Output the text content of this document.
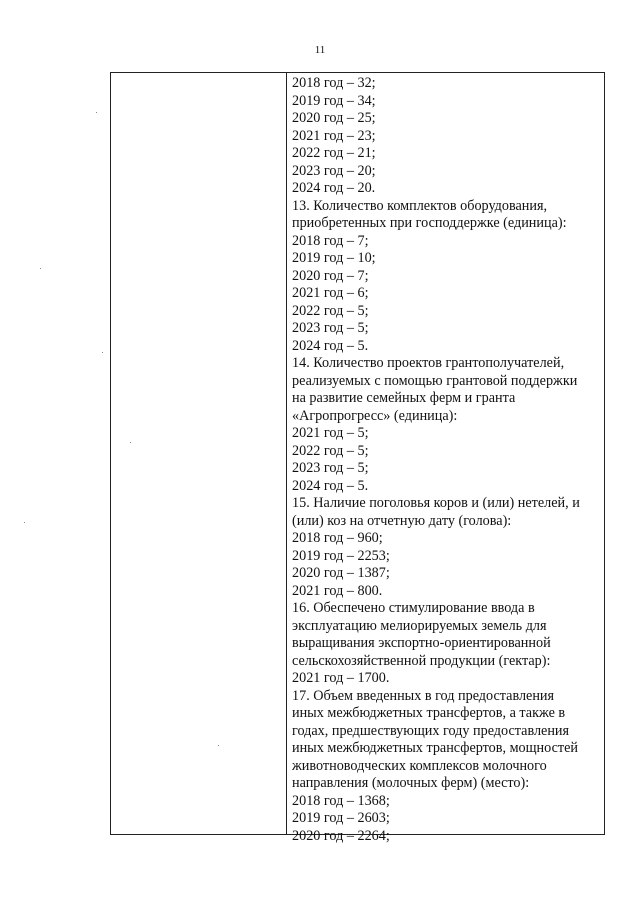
11
2018 год – 32;
2019 год – 34;
2020 год – 25;
2021 год – 23;
2022 год – 21;
2023 год – 20;
2024 год – 20.
13. Количество комплектов оборудования,
приобретенных при господдержке (единица):
2018 год – 7;
2019 год – 10;
2020 год – 7;
2021 год – 6;
2022 год – 5;
2023 год – 5;
2024 год – 5.
14. Количество проектов грантополучателей,
реализуемых с помощью грантовой поддержки
на развитие семейных ферм и гранта
«Агропрогресс» (единица):
2021 год – 5;
2022 год – 5;
2023 год – 5;
2024 год – 5.
15. Наличие поголовья коров и (или) нетелей, и
(или) коз на отчетную дату (голова):
2018 год – 960;
2019 год – 2253;
2020 год – 1387;
2021 год – 800.
16. Обеспечено стимулирование ввода в
эксплуатацию мелиорируемых земель для
выращивания экспортно-ориентированной
сельскохозяйственной продукции (гектар):
2021 год – 1700.
17. Объем введенных в год предоставления
иных межбюджетных трансфертов, а также в
годах, предшествующих году предоставления
иных межбюджетных трансфертов, мощностей
животноводческих комплексов молочного
направления (молочных ферм) (место):
2018 год – 1368;
2019 год – 2603;
2020 год – 2264;
